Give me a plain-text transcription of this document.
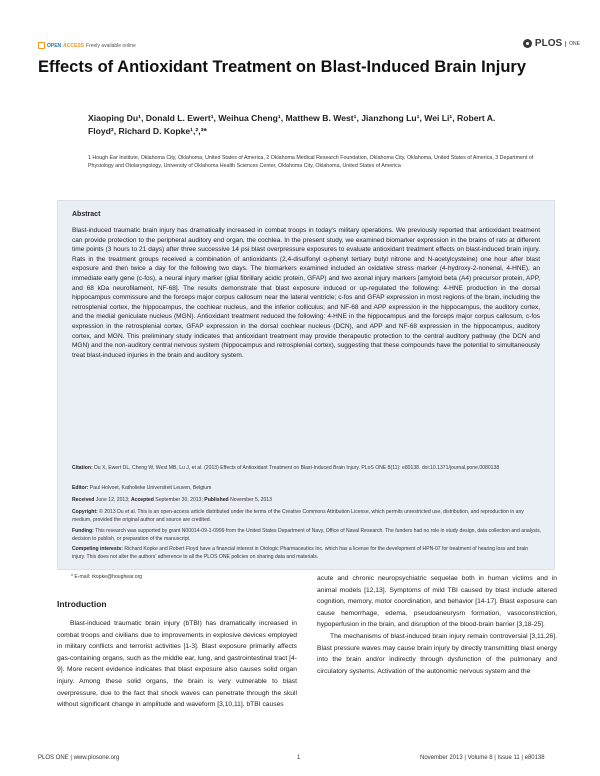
OPEN ACCESS Freely available online	PLOS	ONE
Effects of Antioxidant Treatment on Blast-Induced Brain Injury
Xiaoping Du¹, Donald L. Ewert¹, Weihua Cheng¹, Matthew B. West¹, Jianzhong Lu¹, Wei Li¹, Robert A.
Floyd², Richard D. Kopke¹,²,³*
1 Hough Ear Institute, Oklahoma City, Oklahoma, United States of America, 2 Oklahoma Medical Research Foundation, Oklahoma City, Oklahoma, United States of America, 3 Department of Physiology and Otolaryngology, University of Oklahoma Health Sciences Center, Oklahoma City, Oklahoma, United States of America
Abstract
Blast-induced traumatic brain injury has dramatically increased in combat troops in today's military operations. We previously reported that antioxidant treatment can provide protection to the peripheral auditory end organ, the cochlea. In the present study, we examined biomarker expression in the brains of rats at different time points (3 hours to 21 days) after three successive 14 psi blast overpressure exposures to evaluate antioxidant treatment effects on blast-induced brain injury. Rats in the treatment groups received a combination of antioxidants (2,4-disulfonyl α-phenyl tertiary butyl nitrone and N-acetylcysteine) one hour after blast exposure and then twice a day for the following two days. The biomarkers examined included an oxidative stress marker (4-hydroxy-2-nonenal, 4-HNE), an immediate early gene (c-fos), a neural injury marker (glial fibrillary acidic protein, GFAP) and two axonal injury markers [amyloid beta (A4) precursor protein, APP, and 68 kDa neurofilament, NF-68]. The results demonstrate that blast exposure induced or up-regulated the following: 4-HNE production in the dorsal hippocampus commissure and the forceps major corpus callosum near the lateral ventricle; c-fos and GFAP expression in most regions of the brain, including the retrosplenial cortex, the hippocampus, the cochlear nucleus, and the inferior colliculus; and NF-68 and APP expression in the hippocampus, the auditory cortex, and the medial geniculate nucleus (MGN). Antioxidant treatment reduced the following: 4-HNE in the hippocampus and the forceps major corpus callosum, c-fos expression in the retrosplenial cortex, GFAP expression in the dorsal cochlear nucleus (DCN), and APP and NF-68 expression in the hippocampus, auditory cortex, and MGN. This preliminary study indicates that antioxidant treatment may provide therapeutic protection to the central auditory pathway (the DCN and MGN) and the non-auditory central nervous system (hippocampus and retrosplenial cortex), suggesting that these compounds have the potential to simultaneously treat blast-induced injuries in the brain and auditory system.
Citation: Du X, Ewert DL, Cheng W, West MB, Lu J, et al. (2013) Effects of Antioxidant Treatment on Blast-Induced Brain Injury. PLoS ONE 8(11): e80138. doi:10.1371/journal.pone.0080138
Editor: Paul Holvoet, Katholieke Universiteit Leuven, Belgium
Received June 12, 2013; Accepted September 30, 2013; Published November 5, 2013
Copyright: © 2013 Du et al. This is an open-access article distributed under the terms of the Creative Commons Attribution License, which permits unrestricted use, distribution, and reproduction in any medium, provided the original author and source are credited.
Funding: This research was supported by grant N00014-09-1-0999 from the United States Department of Navy, Office of Naval Research. The funders had no role in study design, data collection and analysis, decision to publish, or preparation of the manuscript.
Competing interests: Richard Kopke and Robert Floyd have a financial interest in Otologic Pharmaceutics Inc. which has a license for the development of HPN-07 for treatment of hearing loss and brain injury. This does not alter the authors' adherence to all the PLOS ONE policies on sharing data and materials.
* E-mail: rkopke@houghear.org
Introduction
Blast-induced traumatic brain injury (bTBI) has dramatically increased in combat troops and civilians due to improvements in explosive devices employed in military conflicts and terrorist activities [1-3]. Blast exposure primarily affects gas-containing organs, such as the middle ear, lung, and gastrointestinal tract [4-9]. More recent evidence indicates that blast exposure also causes solid organ injury. Among these solid organs, the brain is very vulnerable to blast overpressure, due to the fact that shock waves can penetrate through the skull without significant change in amplitude and waveform [3,10,11]. bTBI causes
acute and chronic neuropsychiatric sequelae both in human victims and in animal models [12,13]. Symptoms of mild TBI caused by blast include altered cognition, memory, motor coordination, and behavior [14-17]. Blast exposure can cause hemorrhage, edema, pseudoaneurysm formation, vasoconstriction, hypoperfusion in the brain, and disruption of the blood-brain barrier [3,18-25].
The mechanisms of blast-induced brain injury remain controversial [3,11,26]. Blast pressure waves may cause brain injury by directly transmitting blast energy into the brain and/or indirectly through dysfunction of the pulmonary and circulatory systems. Activation of the autonomic nervous system and the
PLOS ONE | www.plosone.org	1	November 2013 | Volume 8 | Issue 11 | e80138
